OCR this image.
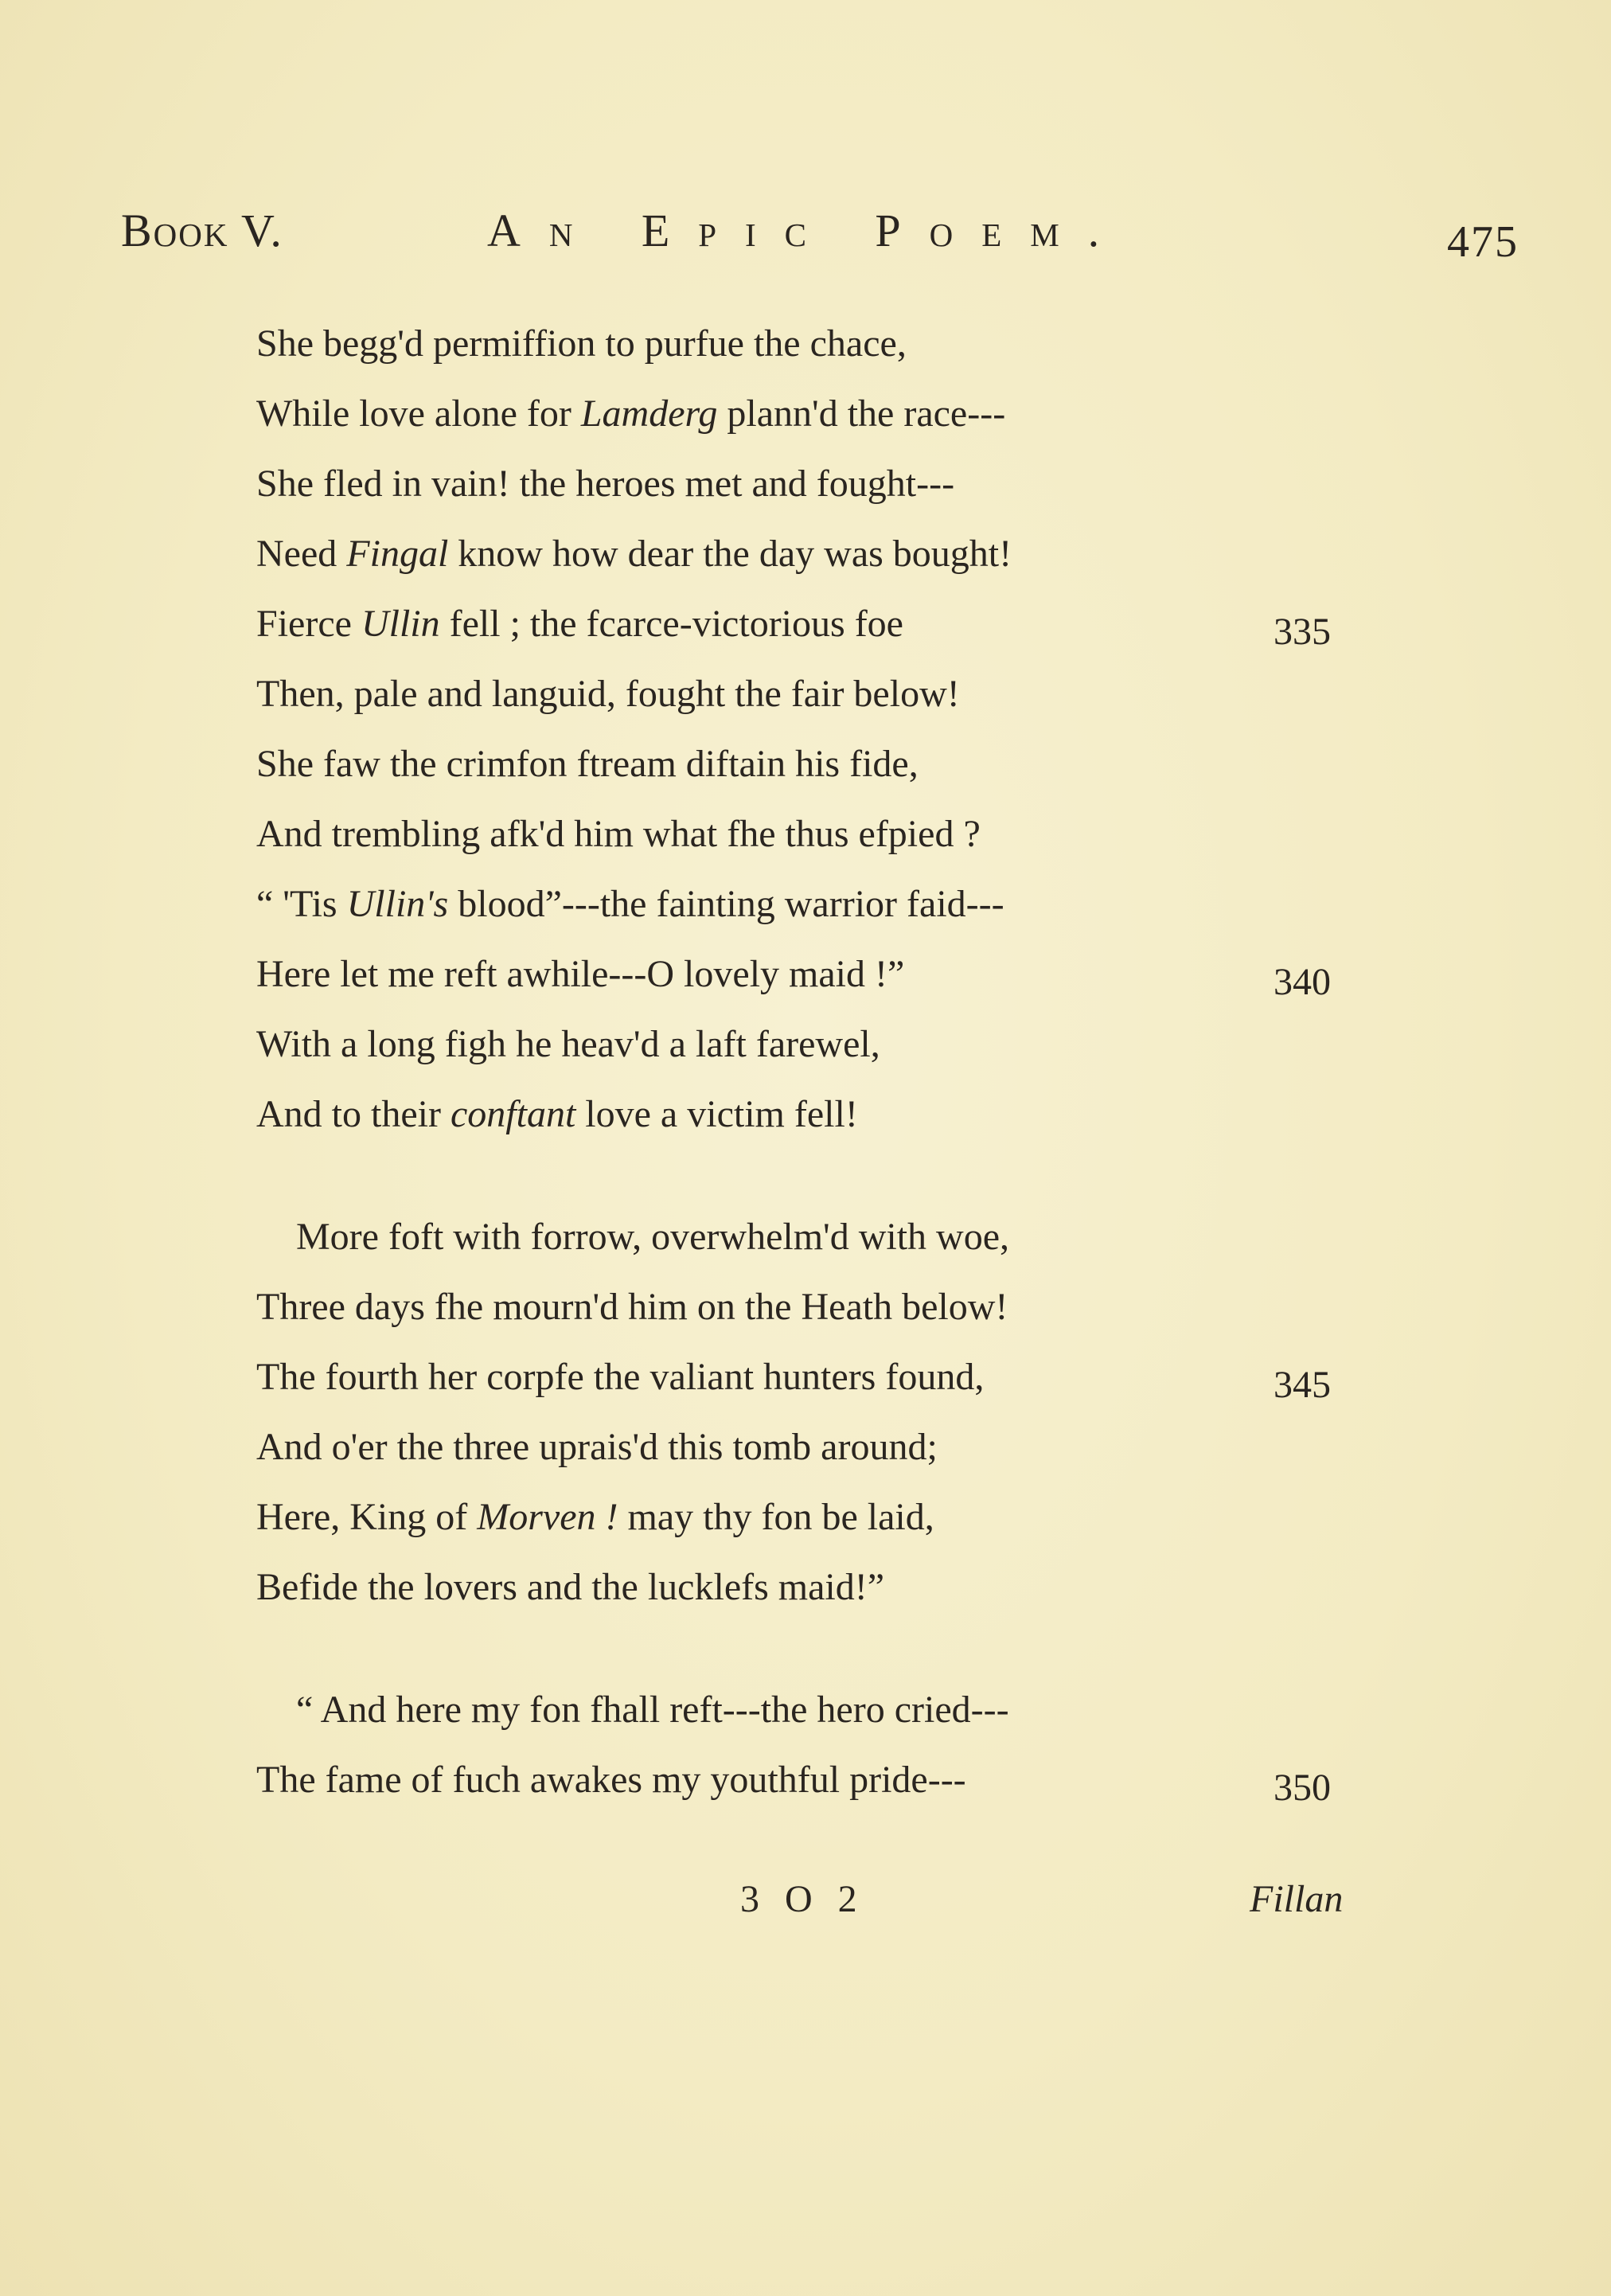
Book V.	An Epic Poem.	475
She begg'd permiffion to purfue the chace,
While love alone for Lamderg plann'd the race---
She fled in vain! the heroes met and fought---
Need Fingal know how dear the day was bought!
Fierce Ullin fell ; the fcarce-victorious foe	335
Then, pale and languid, fought the fair below!
She faw the crimfon ftream diftain his fide,
And trembling afk'd him what fhe thus efpied ?
“ 'Tis Ullin's blood”---the fainting warrior faid---
Here let me reft awhile---O lovely maid !”	340
With a long figh he heav'd a laft farewel,
And to their conftant love a victim fell!
More foft with forrow, overwhelm'd with woe,
Three days fhe mourn'd him on the Heath below!
The fourth her corpfe the valiant hunters found,	345
And o'er the three uprais'd this tomb around;
Here, King of Morven ! may thy fon be laid,
Befide the lovers and the lucklefs maid!”
“ And here my fon fhall reft---the hero cried---
The fame of fuch awakes my youthful pride---	350
3 O 2	Fillan
